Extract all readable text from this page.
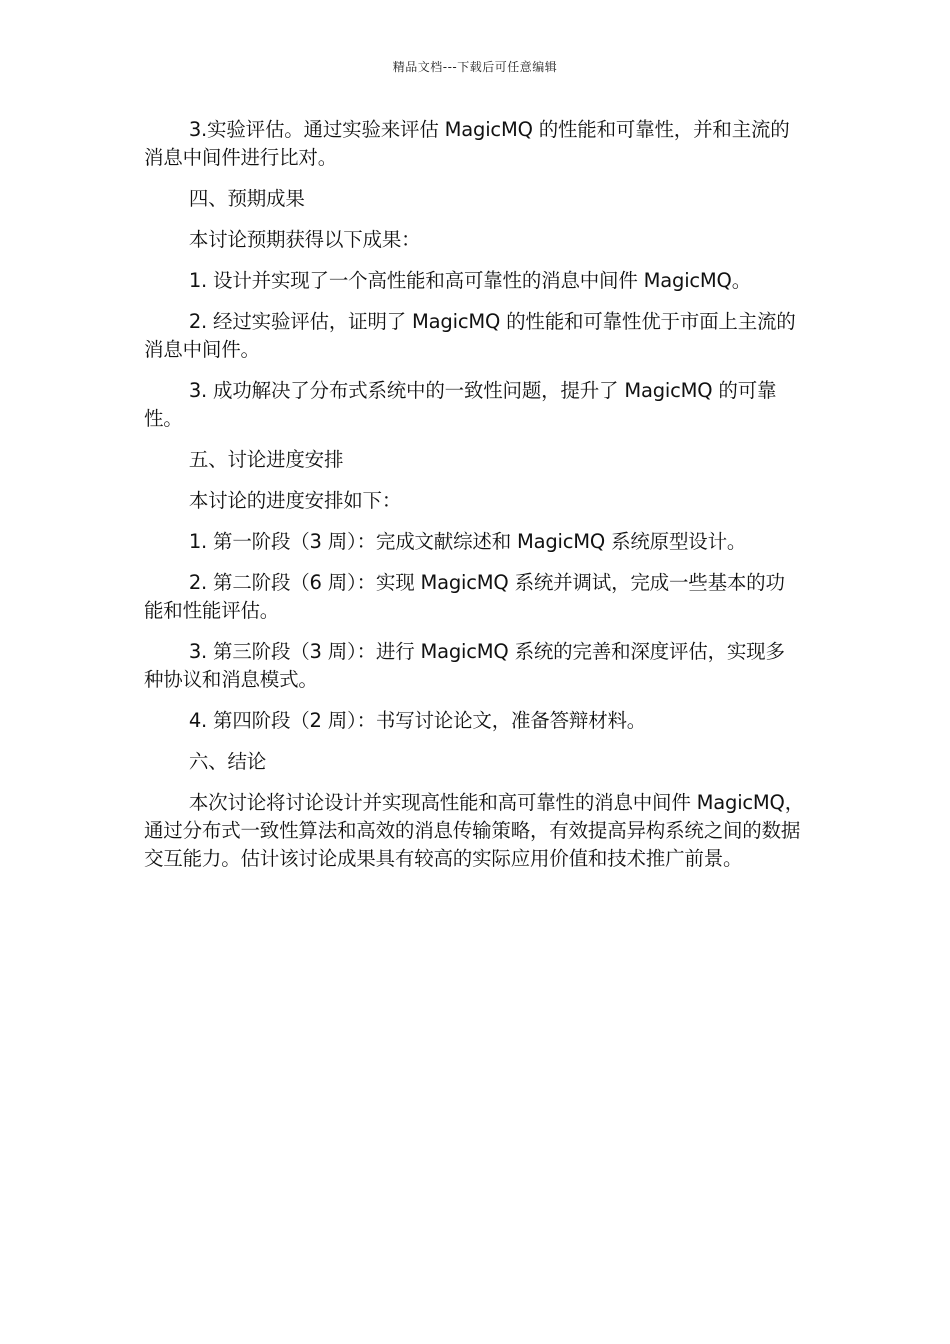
精品文档---下载后可任意编辑

3.实验评估。通过实验来评估 MagicMQ 的性能和可靠性，并和主流的消息中间件进行比对。

四、预期成果

本讨论预期获得以下成果：

1. 设计并实现了一个高性能和高可靠性的消息中间件 MagicMQ。

2. 经过实验评估，证明了 MagicMQ 的性能和可靠性优于市面上主流的消息中间件。

3. 成功解决了分布式系统中的一致性问题，提升了 MagicMQ 的可靠性。

五、讨论进度安排

本讨论的进度安排如下：

1. 第一阶段（3 周）：完成文献综述和 MagicMQ 系统原型设计。

2. 第二阶段（6 周）：实现 MagicMQ 系统并调试，完成一些基本的功能和性能评估。

3. 第三阶段（3 周）：进行 MagicMQ 系统的完善和深度评估，实现多种协议和消息模式。

4. 第四阶段（2 周）：书写讨论论文，准备答辩材料。

六、结论

本次讨论将讨论设计并实现高性能和高可靠性的消息中间件 MagicMQ，通过分布式一致性算法和高效的消息传输策略，有效提高异构系统之间的数据交互能力。估计该讨论成果具有较高的实际应用价值和技术推广前景。
